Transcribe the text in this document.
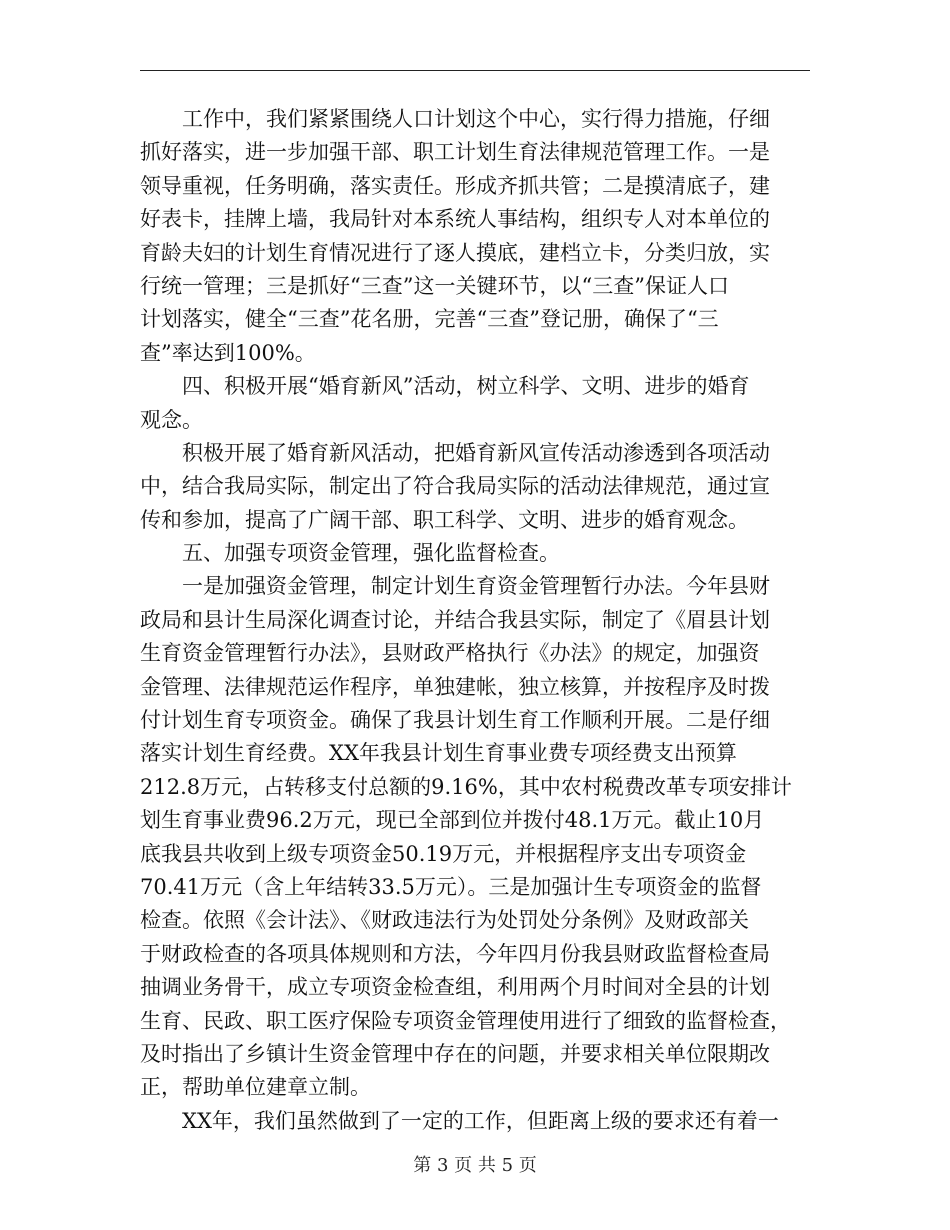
　　工作中，我们紧紧围绕人口计划这个中心，实行得力措施，仔细
抓好落实，进一步加强干部、职工计划生育法律规范管理工作。一是
领导重视，任务明确，落实责任。形成齐抓共管；二是摸清底子，建
好表卡，挂牌上墙，我局针对本系统人事结构，组织专人对本单位的
育龄夫妇的计划生育情况进行了逐人摸底，建档立卡，分类归放，实
行统一管理；三是抓好“三查”这一关键环节，以“三查”保证人口
计划落实，健全“三查”花名册，完善“三查”登记册，确保了“三
查”率达到100%。
　　四、积极开展“婚育新风”活动，树立科学、文明、进步的婚育
观念。
　　积极开展了婚育新风活动，把婚育新风宣传活动渗透到各项活动
中，结合我局实际，制定出了符合我局实际的活动法律规范，通过宣
传和参加，提高了广阔干部、职工科学、文明、进步的婚育观念。
　　五、加强专项资金管理，强化监督检查。
　　一是加强资金管理，制定计划生育资金管理暂行办法。今年县财
政局和县计生局深化调查讨论，并结合我县实际，制定了《眉县计划
生育资金管理暂行办法》，县财政严格执行《办法》的规定，加强资
金管理、法律规范运作程序，单独建帐，独立核算，并按程序及时拨
付计划生育专项资金。确保了我县计划生育工作顺利开展。二是仔细
落实计划生育经费。XX年我县计划生育事业费专项经费支出预算
212.8万元，占转移支付总额的9.16%，其中农村税费改革专项安排计
划生育事业费96.2万元，现已全部到位并拨付48.1万元。截止10月
底我县共收到上级专项资金50.19万元，并根据程序支出专项资金
70.41万元（含上年结转33.5万元）。三是加强计生专项资金的监督
检查。依照《会计法》、《财政违法行为处罚处分条例》及财政部关
于财政检查的各项具体规则和方法，今年四月份我县财政监督检查局
抽调业务骨干，成立专项资金检查组，利用两个月时间对全县的计划
生育、民政、职工医疗保险专项资金管理使用进行了细致的监督检查，
及时指出了乡镇计生资金管理中存在的问题，并要求相关单位限期改
正，帮助单位建章立制。
　　XX年，我们虽然做到了一定的工作，但距离上级的要求还有着一
第 3 页 共 5 页
